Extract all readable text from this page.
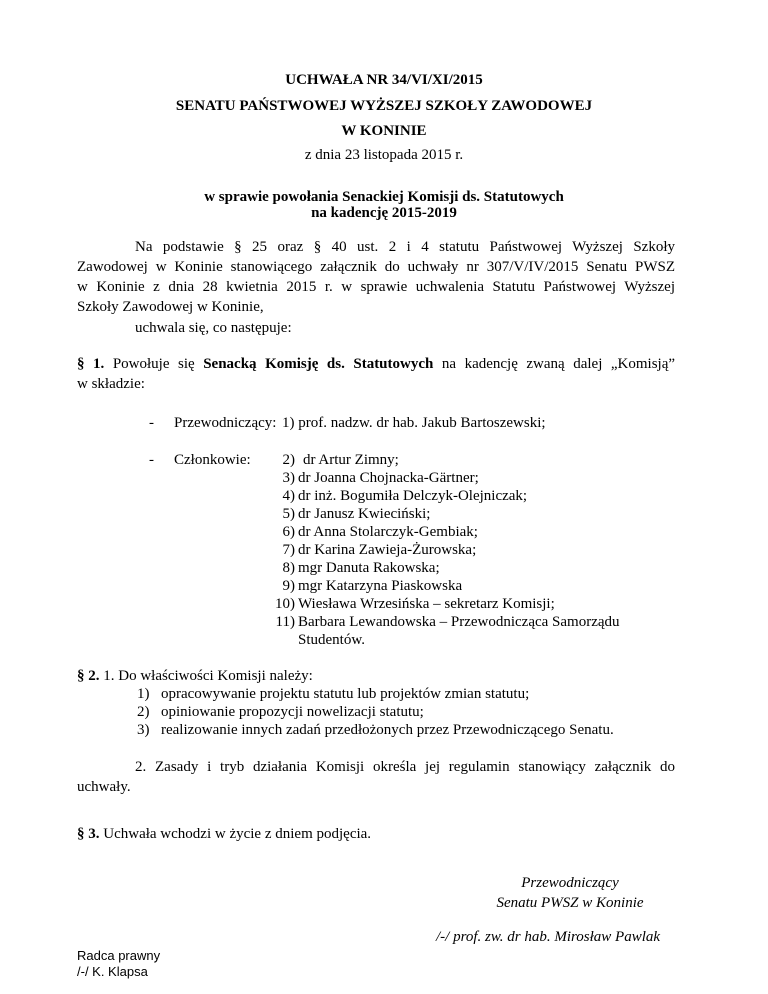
UCHWAŁA NR 34/VI/XI/2015
SENATU PAŃSTWOWEJ WYŻSZEJ SZKOŁY ZAWODOWEJ
W KONINIE
z dnia 23 listopada 2015 r.
w sprawie powołania Senackiej Komisji ds. Statutowych
na kadencję 2015-2019
Na podstawie § 25 oraz § 40 ust. 2 i 4 statutu Państwowej Wyższej Szkoły
Zawodowej w Koninie stanowiącego załącznik do uchwały nr 307/V/IV/2015 Senatu PWSZ
w Koninie z dnia 28 kwietnia 2015 r. w sprawie uchwalenia Statutu Państwowej Wyższej
Szkoły Zawodowej w Koninie,
uchwala się, co następuje:
§ 1. Powołuje się Senacką Komisję ds. Statutowych na kadencję zwaną dalej „Komisją”
w składzie:
- Przewodniczący: 1) prof. nadzw. dr hab. Jakub Bartoszewski;
- Członkowie:	2) dr Artur Zimny;
3) dr Joanna Chojnacka-Gärtner;
4) dr inż. Bogumiła Delczyk-Olejniczak;
5) dr Janusz Kwieciński;
6) dr Anna Stolarczyk-Gembiak;
7) dr Karina Zawieja-Żurowska;
8) mgr Danuta Rakowska;
9) mgr Katarzyna Piaskowska
10) Wiesława Wrzesińska – sekretarz Komisji;
11) Barbara Lewandowska – Przewodnicząca Samorządu
Studentów.
§ 2. 1. Do właściwości Komisji należy:
1) opracowywanie projektu statutu lub projektów zmian statutu;
2) opiniowanie propozycji nowelizacji statutu;
3) realizowanie innych zadań przedłożonych przez Przewodniczącego Senatu.
2. Zasady i tryb działania Komisji określa jej regulamin stanowiący załącznik do
uchwały.
§ 3. Uchwała wchodzi w życie z dniem podjęcia.
Przewodniczący
Senatu PWSZ w Koninie
/-/ prof. zw. dr hab. Mirosław Pawlak
Radca prawny
/-/ K. Klapsa
